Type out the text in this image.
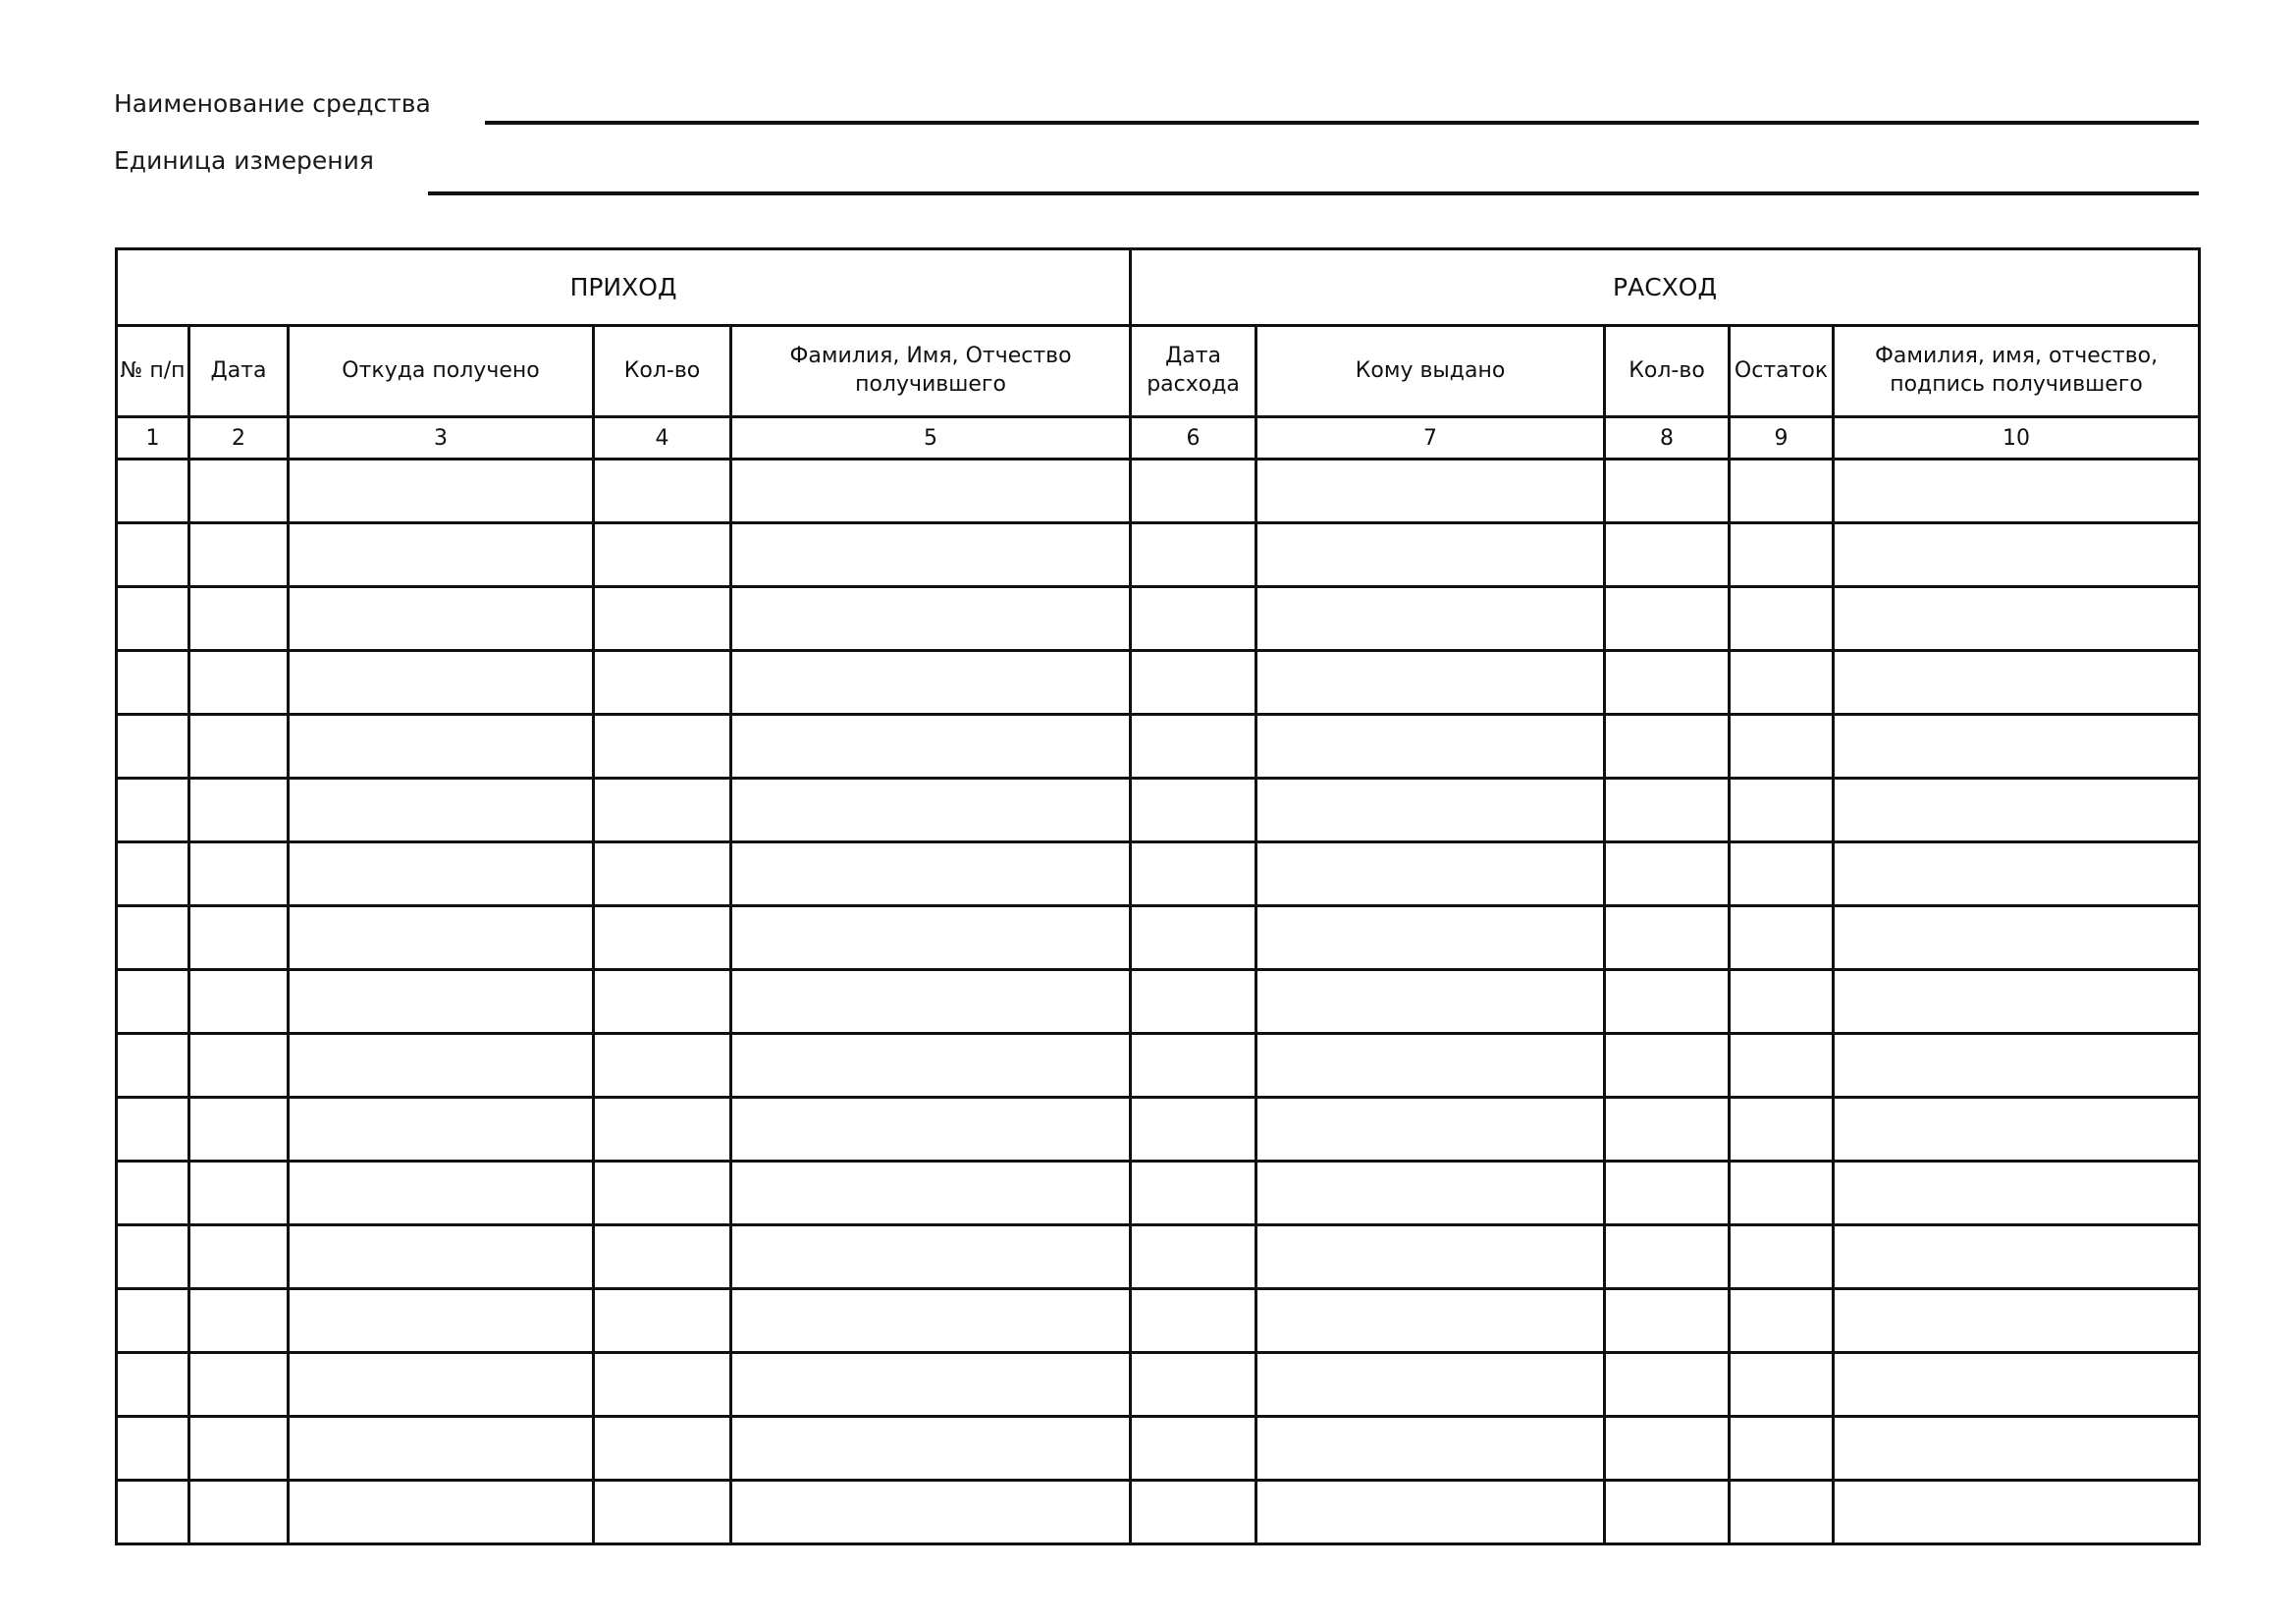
Наименование средства
Единица измерения
ПРИХОД					РАСХОД				
№ п/п	Дата	Откуда получено	Кол-во	Фамилия, Имя, Отчество получившего	Дата расхода	Кому выдано	Кол-во	Остаток	Фамилия, имя, отчество, подпись получившего
1	2	3	4	5	6	7	8	9	10
